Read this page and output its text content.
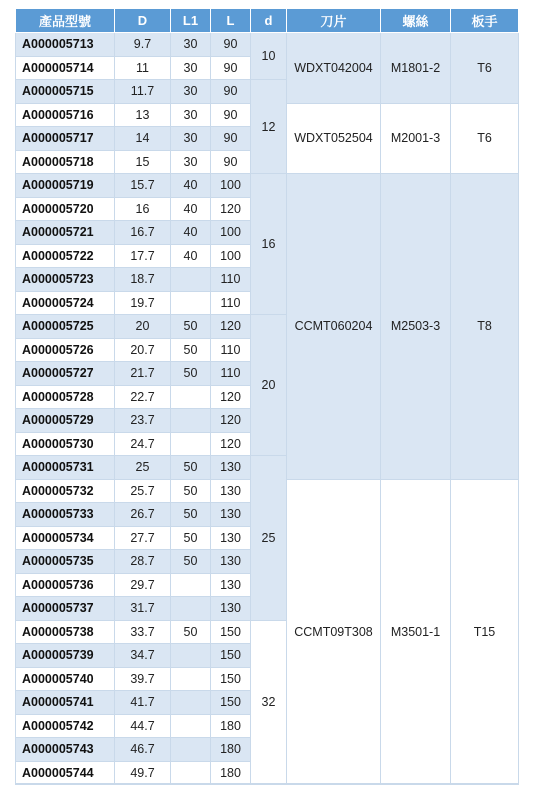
產品型號	D	L1	L	d	刀片	螺絲	板手
A000005713	9.7	30	90	10	WDXT042004	M1801-2	T6
A000005714	11	30	90				
A000005715	11.7	30	90	12			
A000005716	13	30	90		WDXT052504	M2001-3	T6
A000005717	14	30	90				
A000005718	15	30	90				
A000005719	15.7	40	100	16	CCMT060204	M2503-3	T8
A000005720	16	40	120				
A000005721	16.7	40	100				
A000005722	17.7	40	100				
A000005723	18.7		110				
A000005724	19.7		110				
A000005725	20	50	120	20			
A000005726	20.7	50	110				
A000005727	21.7	50	110				
A000005728	22.7		120				
A000005729	23.7		120				
A000005730	24.7		120				
A000005731	25	50	130	25			
A000005732	25.7	50	130		CCMT09T308	M3501-1	T15
A000005733	26.7	50	130				
A000005734	27.7	50	130				
A000005735	28.7	50	130				
A000005736	29.7		130				
A000005737	31.7		130				
A000005738	33.7	50	150	32			
A000005739	34.7		150				
A000005740	39.7		150				
A000005741	41.7		150				
A000005742	44.7		180				
A000005743	46.7		180				
A000005744	49.7		180				
